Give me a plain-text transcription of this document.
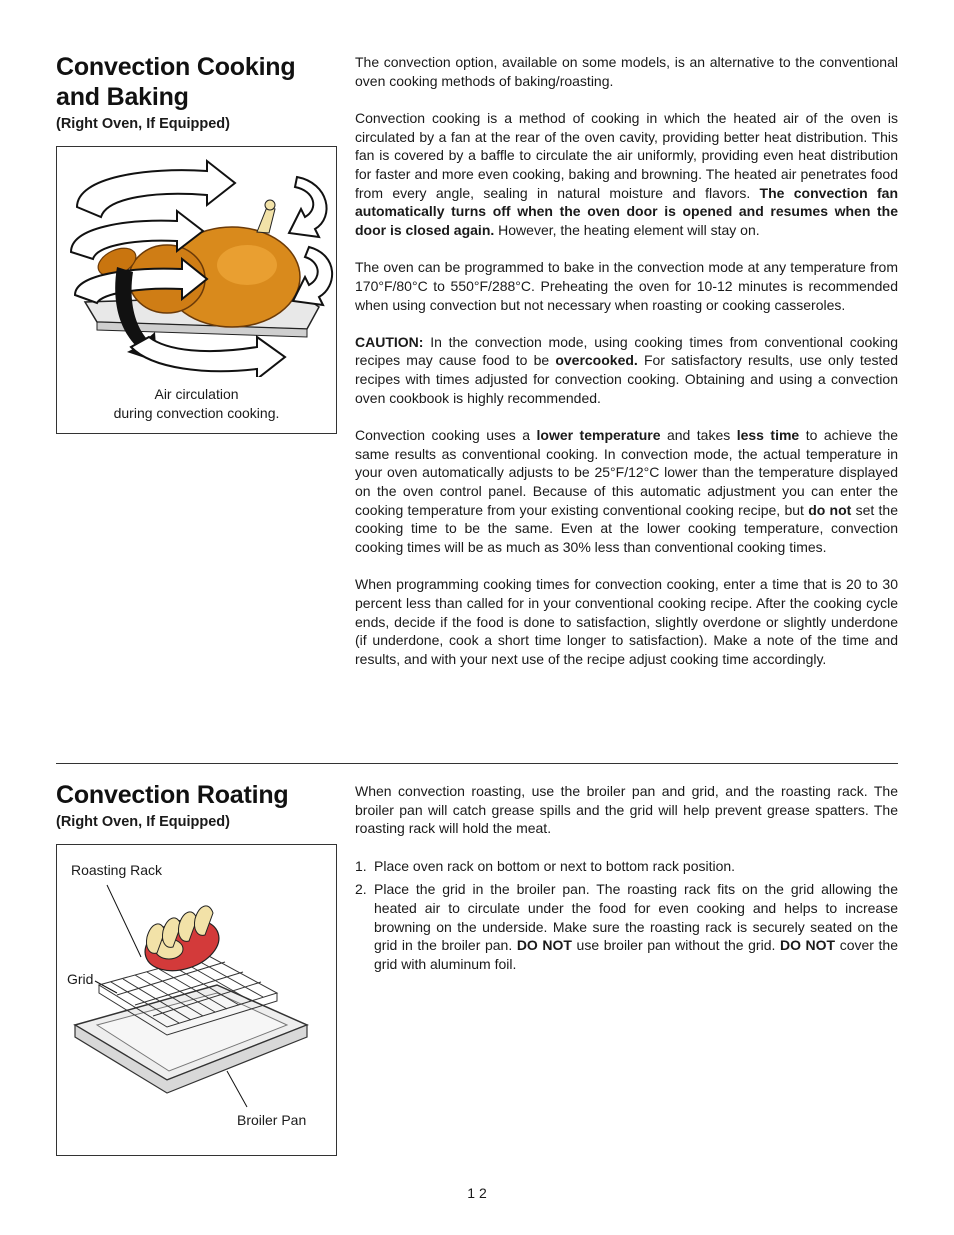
Convection Cooking
and Baking
(Right Oven, If Equipped)
Air circulation
during convection cooking.

The convection option, available on some models, is an alternative to the conventional oven cooking methods of baking/roasting.

Convection cooking is a method of cooking in which the heated air of the oven is circulated by a fan at the rear of the oven cavity, providing better heat distribution. This fan is covered by a baffle to circulate the air uniformly, providing even heat distribution for faster and more even cooking, baking and browning. The heated air penetrates food from every angle, sealing in natural moisture and flavors. The convection fan automatically turns off when the oven door is opened and resumes when the door is closed again. However, the heating element will stay on.

The oven can be programmed to bake in the convection mode at any temperature from 170°F/80°C to 550°F/288°C. Preheating the oven for 10-12 minutes is recommended when using convection but not necessary when roasting or cooking casseroles.

CAUTION: In the convection mode, using cooking times from conventional cooking recipes may cause food to be overcooked. For satisfactory results, use only tested recipes with times adjusted for convection cooking. Obtaining and using a convection oven cookbook is highly recommended.

Convection cooking uses a lower temperature and takes less time to achieve the same results as conventional cooking. In convection mode, the actual temperature in your oven automatically adjusts to be 25°F/12°C lower than the temperature displayed on the oven control panel. Because of this automatic adjustment you can enter the cooking temperature from your existing conventional cooking recipe, but do not set the cooking time to be the same. Even at the lower cooking temperature, convection cooking times will be as much as 30% less than conventional cooking times.

When programming cooking times for convection cooking, enter a time that is 20 to 30 percent less than called for in your conventional cooking recipe. After the cooking cycle ends, decide if the food is done to satisfaction, slightly overdone or slightly underdone (if underdone, cook a short time longer to satisfaction). Make a note of the time and results, and with your next use of the recipe adjust cooking time accordingly.

Convection Roating
(Right Oven, If Equipped)
Roasting Rack
Grid
Broiler Pan

When convection roasting, use the broiler pan and grid, and the roasting rack. The broiler pan will catch grease spills and the grid will help prevent grease spatters. The roasting rack will hold the meat.

1. Place oven rack on bottom or next to bottom rack position.
2. Place the grid in the broiler pan. The roasting rack fits on the grid allowing the heated air to circulate under the food for even cooking and helps to increase browning on the underside. Make sure the roasting rack is securely seated on the grid in the broiler pan. DO NOT use broiler pan without the grid. DO NOT cover the grid with aluminum foil.
1 2
